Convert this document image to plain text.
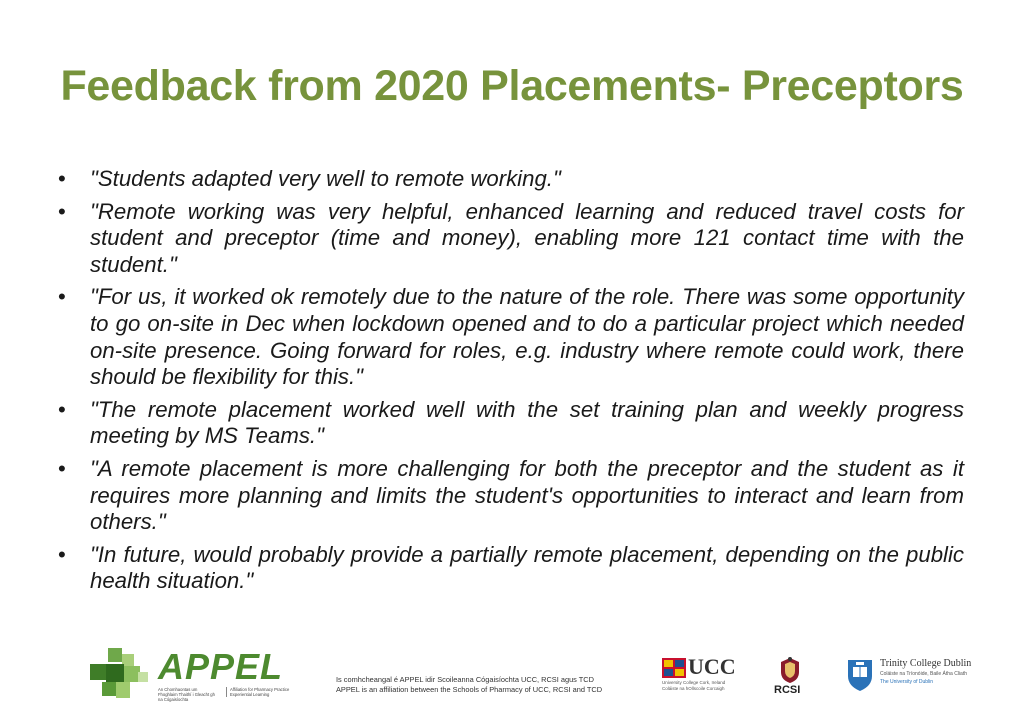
Feedback from 2020 Placements- Preceptors
• "Students adapted very well to remote working."
• "Remote working was very helpful, enhanced learning and reduced travel costs for student and preceptor (time and money), enabling more 121 contact time with the student."
• "For us, it worked ok remotely due to the nature of the role. There was some opportunity to go on-site in Dec when lockdown opened and to do a particular project which needed on-site presence. Going forward for roles, e.g. industry where remote could work, there should be flexibility for this."
• "The remote placement worked well with the set training plan and weekly progress meeting by MS Teams."
• "A remote placement is more challenging for both the preceptor and the student as it requires more planning and limits the student's opportunities to interact and learn from others."
• "In future, would probably provide a partially remote placement, depending on the public health situation."
APPEL
An Chomhaontas um Fhoghlaim Thaithí i Gleacht gh na Cógaisíochta
Affiliation for Pharmacy Practice Experiential Learning
Is comhcheangal é APPEL idir Scoileanna Cógaisíochta UCC, RCSI agus TCD
APPEL is an affiliation between the Schools of Pharmacy of UCC, RCSI and TCD
UCC
University College Cork, Ireland
Coláiste na hOllscoile Corcaigh	RCSI
Trinity College Dublin
Coláiste na Tríonóide, Baile Átha Cliath
The University of Dublin
